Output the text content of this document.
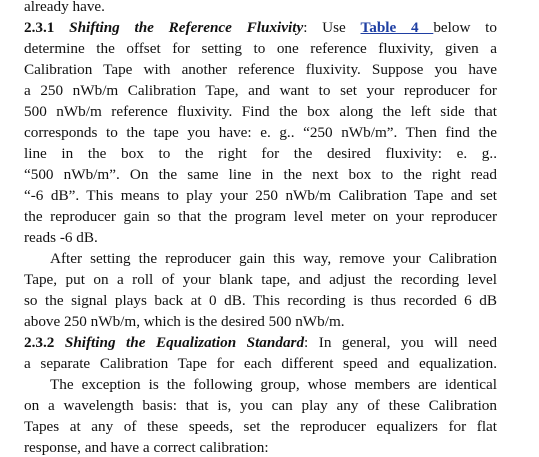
already have.
2.3.1 Shifting the Reference Fluxivity: Use Table 4 below to
determine the offset for setting to one reference fluxivity, given a
Calibration Tape with another reference fluxivity. Suppose you have
a 250 nWb/m Calibration Tape, and want to set your reproducer for
500 nWb/m reference fluxivity. Find the box along the left side that
corresponds to the tape you have: e. g.. “250 nWb/m”. Then find the
line in the box to the right for the desired fluxivity: e. g..
“500 nWb/m”. On the same line in the next box to the right read
“-6 dB”. This means to play your 250 nWb/m Calibration Tape and set
the reproducer gain so that the program level meter on your reproducer
reads -6 dB.
After setting the reproducer gain this way, remove your Calibration
Tape, put on a roll of your blank tape, and adjust the recording level
so the signal plays back at 0 dB. This recording is thus recorded 6 dB
above 250 nWb/m, which is the desired 500 nWb/m.
2.3.2 Shifting the Equalization Standard: In general, you will need
a separate Calibration Tape for each different speed and equalization.
The exception is the following group, whose members are identical
on a wavelength basis: that is, you can play any of these Calibration
Tapes at any of these speeds, set the reproducer equalizers for flat
response, and have a correct calibration:
